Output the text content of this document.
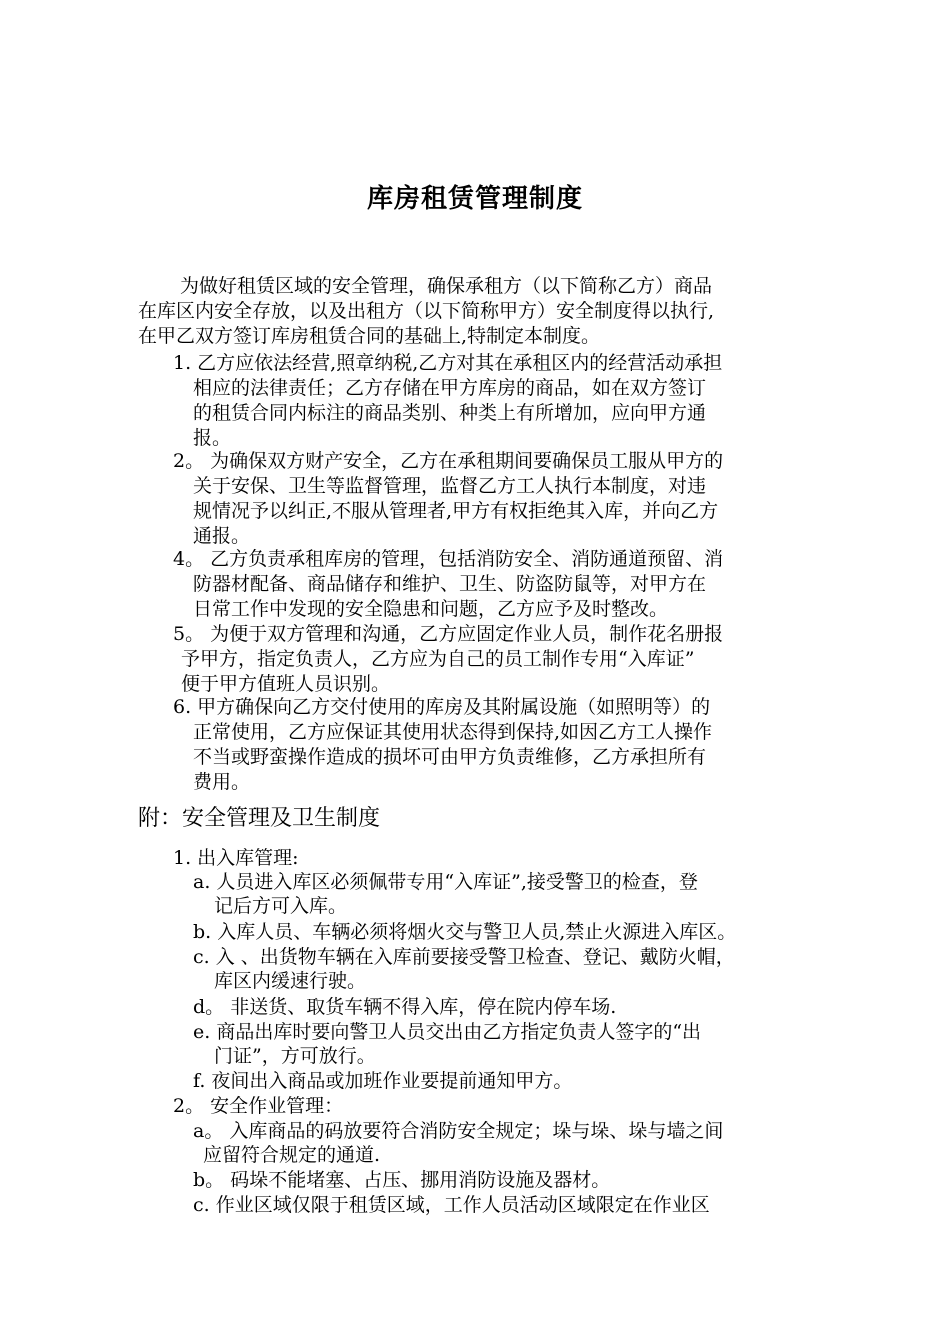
库房租赁管理制度
为做好租赁区域的安全管理，确保承租方（以下简称乙方）商品
在库区内安全存放，以及出租方（以下简称甲方）安全制度得以执行,
在甲乙双方签订库房租赁合同的基础上,特制定本制度。
1. 乙方应依法经营,照章纳税,乙方对其在承租区内的经营活动承担
相应的法律责任；乙方存储在甲方库房的商品，如在双方签订
的租赁合同内标注的商品类别、种类上有所增加，应向甲方通
报。
2。 为确保双方财产安全，乙方在承租期间要确保员工服从甲方的
关于安保、卫生等监督管理，监督乙方工人执行本制度，对违
规情况予以纠正,不服从管理者,甲方有权拒绝其入库，并向乙方
通报。
4。 乙方负责承租库房的管理，包括消防安全、消防通道预留、消
防器材配备、商品储存和维护、卫生、防盗防鼠等，对甲方在
日常工作中发现的安全隐患和问题，乙方应予及时整改。
5。 为便于双方管理和沟通，乙方应固定作业人员，制作花名册报
予甲方，指定负责人，乙方应为自己的员工制作专用“入库证”
便于甲方值班人员识别。
6. 甲方确保向乙方交付使用的库房及其附属设施（如照明等）的
正常使用，乙方应保证其使用状态得到保持,如因乙方工人操作
不当或野蛮操作造成的损坏可由甲方负责维修，乙方承担所有
费用。
附：安全管理及卫生制度
1. 出入库管理:
a. 人员进入库区必须佩带专用“入库证”,接受警卫的检查，登
记后方可入库。
b. 入库人员、车辆必须将烟火交与警卫人员,禁止火源进入库区。
c. 入 、出货物车辆在入库前要接受警卫检查、登记、戴防火帽，
库区内缓速行驶。
d。 非送货、取货车辆不得入库，停在院内停车场.
e. 商品出库时要向警卫人员交出由乙方指定负责人签字的“出
门证”，方可放行。
f. 夜间出入商品或加班作业要提前通知甲方。
2。 安全作业管理：
a。 入库商品的码放要符合消防安全规定；垛与垛、垛与墙之间
应留符合规定的通道.
b。 码垛不能堵塞、占压、挪用消防设施及器材。
c. 作业区域仅限于租赁区域，工作人员活动区域限定在作业区
